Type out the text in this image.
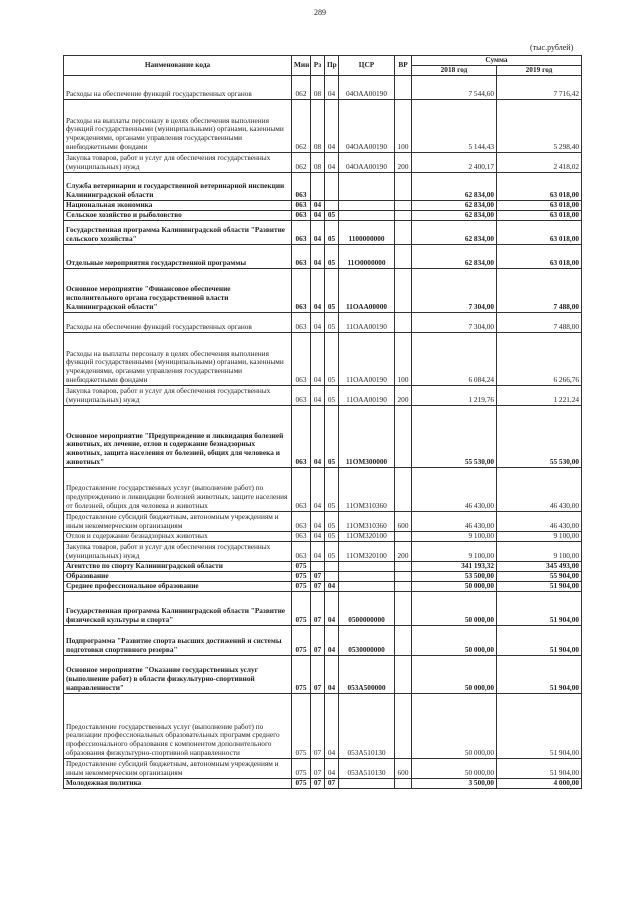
289
(тыс.рублей)
Наименование кода	Мин	Рз	Пр	ЦСР	ВР	Сумма	
						2018 год	2019 год
Расходы на обеспечение функций государственных органов	062	08	04	04ОАА00190		7 544,60	7 716,42
Расходы на выплаты персоналу в целях обеспечения выполнения функций государственными (муниципальными) органами, казенными учреждениями, органами управления государственными внебюджетными фондами	062	08	04	04ОАА00190	100	5 144,43	5 298,40
Закупка товаров, работ и услуг для обеспечения государственных (муниципальных) нужд	062	08	04	04ОАА00190	200	2 400,17	2 418,02
Служба ветеринарии и государственной ветеринарной инспекции Калининградской области	063					62 834,00	63 018,00
Национальная экономика	063	04				62 834,00	63 018,00
Сельское хозяйство и рыболовство	063	04	05			62 834,00	63 018,00
Государственная программа Калининградской области "Развитие сельского хозяйства"	063	04	05	1100000000		62 834,00	63 018,00
Отдельные мероприятия государственной программы	063	04	05	11О0000000		62 834,00	63 018,00
Основное мероприятие "Финансовое обеспечение исполнительного органа государственной власти Калининградской области"	063	04	05	11ОАА00000		7 304,00	7 488,00
Расходы на обеспечение функций государственных органов	063	04	05	11ОАА00190		7 304,00	7 488,00
Расходы на выплаты персоналу в целях обеспечения выполнения функций государственными (муниципальными) органами, казенными учреждениями, органами управления государственными внебюджетными фондами	063	04	05	11ОАА00190	100	6 084,24	6 266,76
Закупка товаров, работ и услуг для обеспечения государственных (муниципальных) нужд	063	04	05	11ОАА00190	200	1 219,76	1 221,24
Основное мероприятие "Предупреждение и ликвидация болезней животных, их лечение, отлов и содержание безнадзорных животных, защита населения от болезней, общих для человека и животных"	063	04	05	11ОМ300000		55 530,00	55 530,00
Предоставление государственных услуг (выполнение работ) по предупреждению и ликвидации болезней животных, защите населения от болезней, общих для человека и животных	063	04	05	11ОМ310360		46 430,00	46 430,00
Предоставление субсидий бюджетным, автономным учреждениям и иным некоммерческим организациям	063	04	05	11ОМ310360	600	46 430,00	46 430,00
Отлов и содержание безнадзорных животных	063	04	05	11ОМ320100		9 100,00	9 100,00
Закупка товаров, работ и услуг для обеспечения государственных (муниципальных) нужд	063	04	05	11ОМ320100	200	9 100,00	9 100,00
Агентство по спорту Калининградской области	075					341 193,32	345 493,00
Образование	075	07				53 500,00	55 904,00
Среднее профессиональное образование	075	07	04			50 000,00	51 904,00
Государственная программа Калининградской области "Развитие физической культуры и спорта"	075	07	04	0500000000		50 000,00	51 904,00
Подпрограмма "Развитие спорта высших достижений и системы подготовки спортивного резерва"	075	07	04	0530000000		50 000,00	51 904,00
Основное мероприятие "Оказание государственных услуг (выполнение работ) в области физкультурно-спортивной направленности"	075	07	04	053А500000		50 000,00	51 904,00
Предоставление государственных услуг (выполнение работ) по реализации профессиональных образовательных программ среднего профессионального образования с компонентом дополнительного образования физкультурно-спортивной направленности	075	07	04	053А510130		50 000,00	51 904,00
Предоставление субсидий бюджетным, автономным учреждениям и иным некоммерческим организациям	075	07	04	053А510130	600	50 000,00	51 904,00
Молодежная политика	075	07	07			3 500,00	4 000,00
